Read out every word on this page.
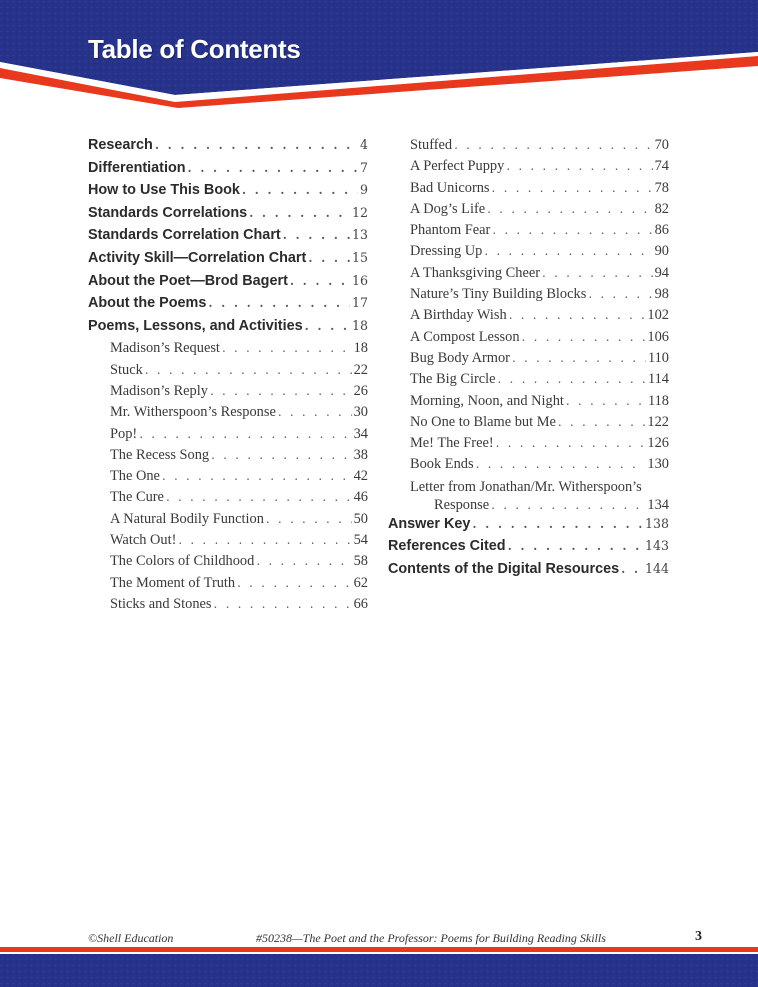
Table of Contents
Research . . .	4
Differentiation . . .	7
How to Use This Book . . .	9
Standards Correlations . . .	12
Standards Correlation Chart . . .	13
Activity Skill—Correlation Chart . . .	15
About the Poet—Brod Bagert . . .	16
About the Poems . . .	17
Poems, Lessons, and Activities . . .	18
Madison’s Request . . .	18
Stuck . . .	22
Madison’s Reply . . .	26
Mr. Witherspoon’s Response . . .	30
Pop! . . .	34
The Recess Song . . .	38
The One . . .	42
The Cure . . .	46
A Natural Bodily Function . . .	50
Watch Out! . . .	54
The Colors of Childhood . . .	58
The Moment of Truth . . .	62
Sticks and Stones . . .	66
Stuffed . . .	70
A Perfect Puppy . . .	74
Bad Unicorns . . .	78
A Dog’s Life . . .	82
Phantom Fear . . .	86
Dressing Up . . .	90
A Thanksgiving Cheer . . .	94
Nature’s Tiny Building Blocks . . .	98
A Birthday Wish . . .	102
A Compost Lesson . . .	106
Bug Body Armor . . .	110
The Big Circle . . .	114
Morning, Noon, and Night . . .	118
No One to Blame but Me . . .	122
Me! The Free! . . .	126
Book Ends . . .	130
Letter from Jonathan/Mr. Witherspoon’s
Response . . .	134
Answer Key . . .	138
References Cited . . .	143
Contents of the Digital Resources . . . 144
©Shell Education	#50238—The Poet and the Professor: Poems for Building Reading Skills	3
